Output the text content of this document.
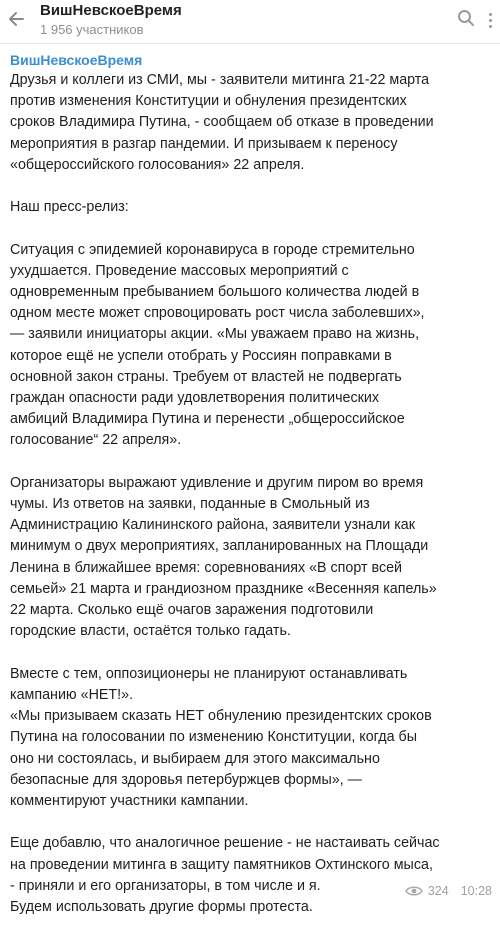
ВишНевскоеВремя
1 956 участников
ВишНевскоеВремя
Друзья и коллеги из СМИ, мы - заявители митинга 21-22 марта
против изменения Конституции и обнуления президентских
сроков Владимира Путина, - сообщаем об отказе в проведении
мероприятия в разгар пандемии. И призываем к переносу
«общероссийского голосования» 22 апреля.

Наш пресс-релиз:

Ситуация с эпидемией коронавируса в городе стремительно
ухудшается. Проведение массовых мероприятий с
одновременным пребыванием большого количества людей в
одном месте может спровоцировать рост числа заболевших»,
— заявили инициаторы акции. «Мы уважаем право на жизнь,
которое ещё не успели отобрать у Россиян поправками в
основной закон страны. Требуем от властей не подвергать
граждан опасности ради удовлетворения политических
амбиций Владимира Путина и перенести „общероссийское
голосование“ 22 апреля».

Организаторы выражают удивление и другим пиром во время
чумы. Из ответов на заявки, поданные в Смольный из
Администрацию Калининского района, заявители узнали как
минимум о двух мероприятиях, запланированных на Площади
Ленина в ближайшее время: соревнованиях «В спорт всей
семьей» 21 марта и грандиозном празднике «Весенняя капель»
22 марта. Сколько ещё очагов заражения подготовили
городские власти, остаётся только гадать.

Вместе с тем, оппозиционеры не планируют останавливать
кампанию «НЕТ!».
«Мы призываем сказать НЕТ обнулению президентских сроков
Путина на голосовании по изменению Конституции, когда бы
оно ни состоялась, и выбираем для этого максимально
безопасные для здоровья петербуржцев формы», —
комментируют участники кампании.

Еще добавлю, что аналогичное решение - не настаивать сейчас
на проведении митинга в защиту памятников Охтинского мыса,
- приняли и его организаторы, в том числе и я.
Будем использовать другие формы протеста.
324 10:28
